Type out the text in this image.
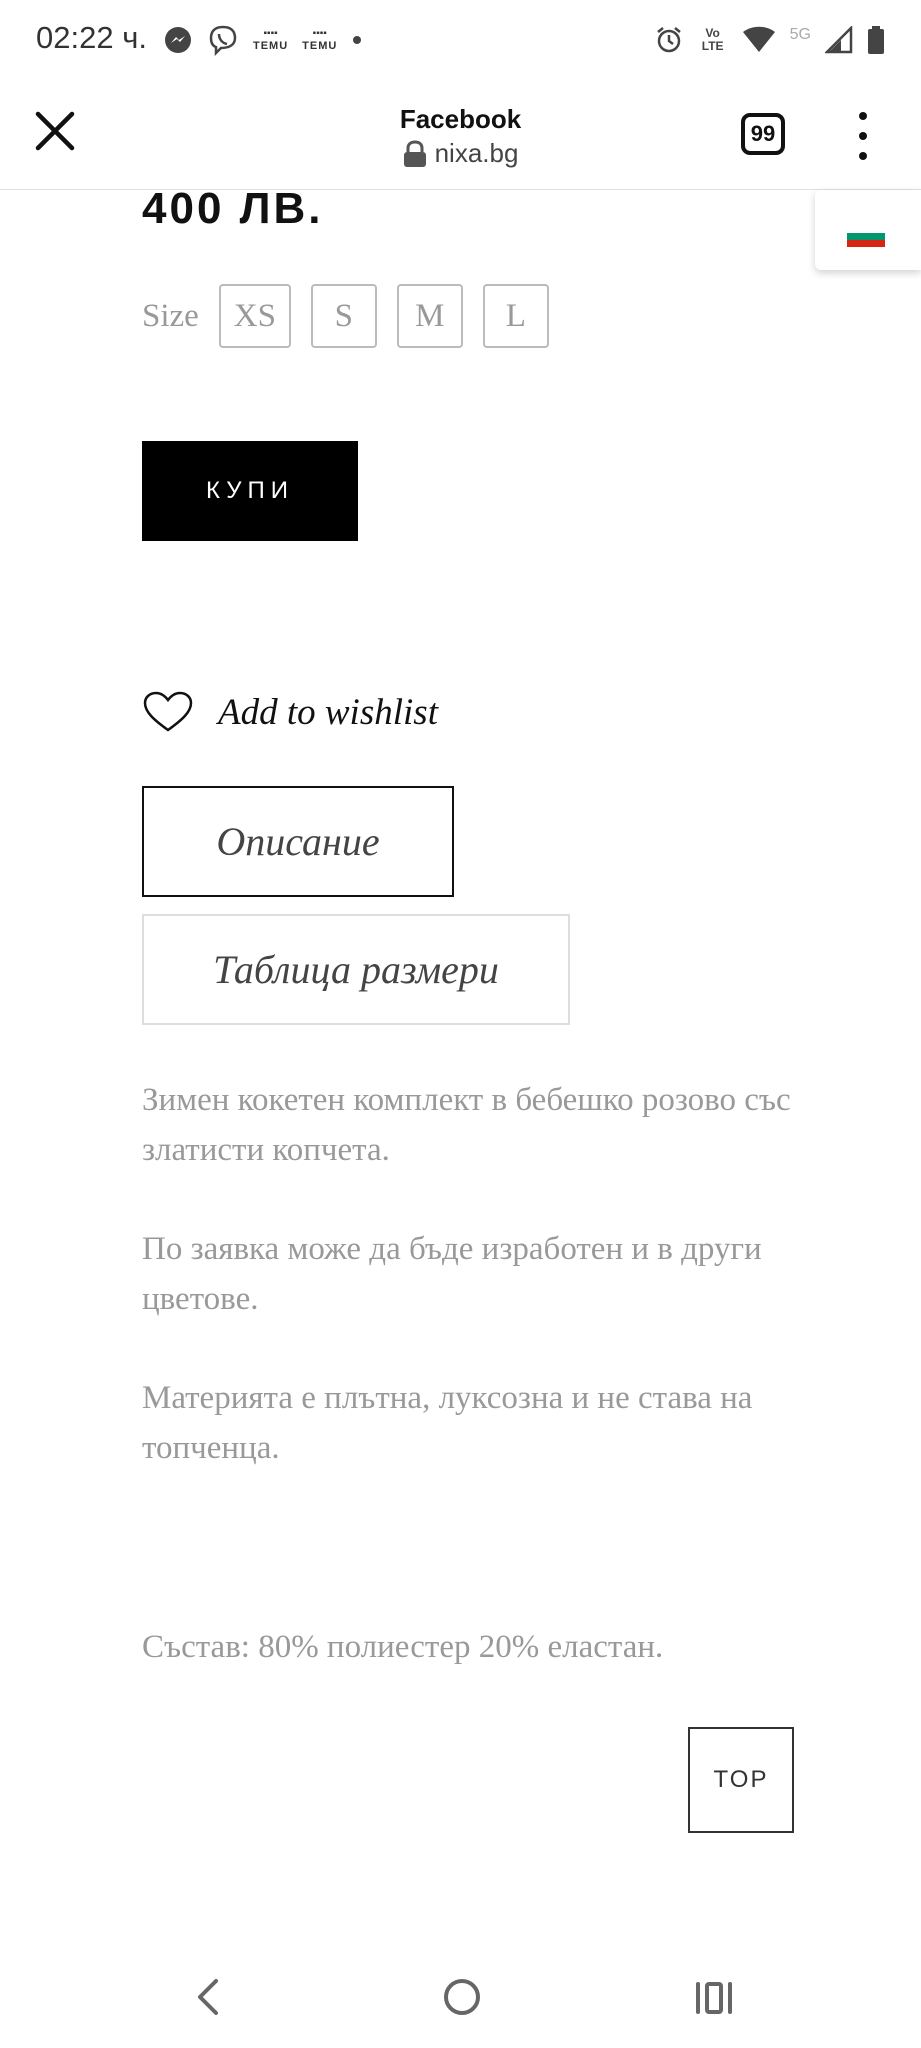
02:22 ч.	▪▪▪▪
TEMU
▪▪▪▪
TEMU
Vo LTE
5G
Facebook
nixa.bg
99
400 ЛВ.
Size	XS	S	M	L
КУПИ
Add to wishlist
Описание
Таблица размери
Зимен кокетен комплект в бебешко розово със златисти копчета.
По заявка може да бъде изработен и в други цветове.
Материята е плътна, луксозна и не става на топченца.
Състав: 80% полиестер 20% еластан.
TOP
